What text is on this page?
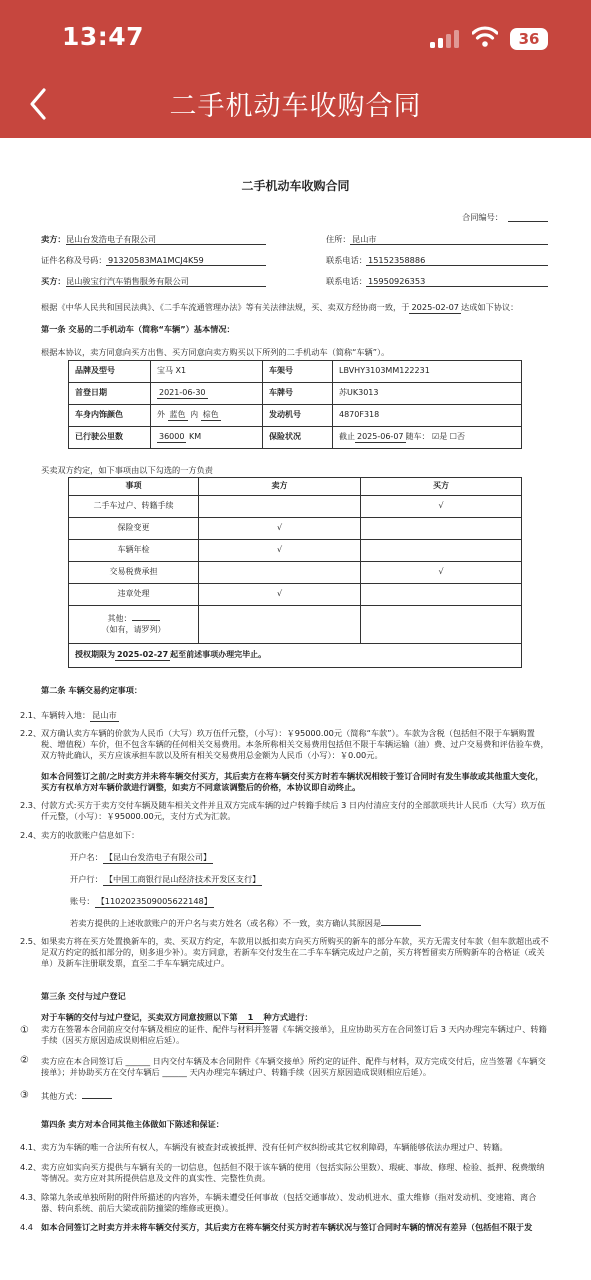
13:47	36
二手机动车收购合同
二手机动车收购合同
合同编号：
卖方： 昆山台发浩电子有限公司	住所： 昆山市
证件名称及号码： 91320583MA1MCJ4K59	联系电话： 15152358886
买方： 昆山骏宝行汽车销售服务有限公司	联系电话： 15950926353
根据《中华人民共和国民法典》、《二手车流通管理办法》等有关法律法规，买、卖双方经协商一致，于 2025-02-07 达成如下协议：
第一条 交易的二手机动车（简称“车辆”）基本情况：
根据本协议，卖方同意向买方出售、买方同意向卖方购买以下所列的二手机动车（简称“车辆”）。
品牌及型号	宝马 X1	车架号	LBVHY3103MM122231
首登日期	2021-06-30	车牌号	苏UK3013
车身内饰颜色	外 蓝色 内 棕色	发动机号	4870F318
已行驶公里数	36000 KM	保险状况	截止 2025-06-07 随车： ☑是 ☐否
买卖双方约定，如下事项由以下勾选的一方负责
事项	卖方	买方
二手车过户、转籍手续		√
保险变更	√	
车辆年检	√	
交易税费承担		√
违章处理	√	
其他：
（如有，请罗列）		
授权期限为 2025-02-27 起至前述事项办理完毕止。		
第二条 车辆交易约定事项：
2.1、 车辆转入地： 昆山市
2.2、 双方确认卖方车辆的价款为人民币（大写）玖万伍仟元整，（小写）：￥95000.00元（简称“车款”）。车款为含税（包括但不限于车辆购置税、增值税）车价，但不包含车辆的任何相关交易费用。本条所称相关交易费用包括但不限于车辆运输（油）费、过户交易费和评估验车费，双方特此确认，买方应该承担车款以及所有相关交易费用总金额为人民币（小写）：￥0.00元。
如本合同签订之前/之时卖方并未将车辆交付买方，其后卖方在将车辆交付买方时若车辆状况相较于签订合同时有发生事故或其他重大变化，买方有权单方对车辆价款进行调整，如卖方不同意该调整后的价格，本协议即自动终止。
2.3、 付款方式:买方于卖方交付车辆及随车相关文件并且双方完成车辆的过户转籍手续后 3 日内付清应支付的全部款项共计人民币（大写）玖万伍仟元整，（小写）：￥95000.00元，支付方式为汇款。
2.4、 卖方的收款账户信息如下：
开户名： 【昆山台发浩电子有限公司】
开户行： 【中国工商银行昆山经济技术开发区支行】
账号： 【1102023509005622148】
若卖方提供的上述收款账户的开户名与卖方姓名（或名称）不一致，卖方确认其原因是
2.5、 如果卖方将在买方处置换新车的，卖、买双方约定，车款用以抵扣卖方向买方所购买的新车的部分车款，买方无需支付车款（但车款超出或不足双方约定的抵扣部分的，则多退少补）。卖方同意，若新车交付发生在二手车车辆完成过户之前，买方将暂留卖方所购新车的合格证（或关单）及新车注册联发票，直至二手车车辆完成过户。
第三条 交付与过户登记
对于车辆的交付与过户登记，买卖双方同意按照以下第 1 种方式进行：
① 卖方在签署本合同前应交付车辆及相应的证件、配件与材料并签署《车辆交接单》，且应协助买方在合同签订后 3 天内办理完车辆过户、转籍手续（因买方原因造成误则相应后延）。
② 卖方应在本合同签订后 ______ 日内交付车辆及本合同附件《车辆交接单》所约定的证件、配件与材料，双方完成交付后，应当签署《车辆交接单》；并协助买方在交付车辆后 ______ 天内办理完车辆过户、转籍手续（因买方原因造成误则相应后延）。
③ 其他方式：
第四条 卖方对本合同其他主体做如下陈述和保证：
4.1、 卖方为车辆的唯一合法所有权人，车辆没有被查封或被抵押、没有任何产权纠纷或其它权利障碍，车辆能够依法办理过户、转籍。
4.2、 卖方应如实向买方提供与车辆有关的一切信息，包括但不限于该车辆的使用（包括实际公里数）、瑕疵、事故、修理、检验、抵押、税费缴纳等情况。卖方应对其所提供信息及文件的真实性、完整性负责。
4.3、 除第九条或单独所附的附件所描述的内容外，车辆未遭受任何事故（包括交通事故）、发动机进水、重大维修（指对发动机、变速箱、离合器、转向系统、前后大梁或前防撞梁的维修或更换）。
4.4 如本合同签订之时卖方并未将车辆交付买方，其后卖方在将车辆交付买方时若车辆状况与签订合同时车辆的情况有差异（包括但不限于发
